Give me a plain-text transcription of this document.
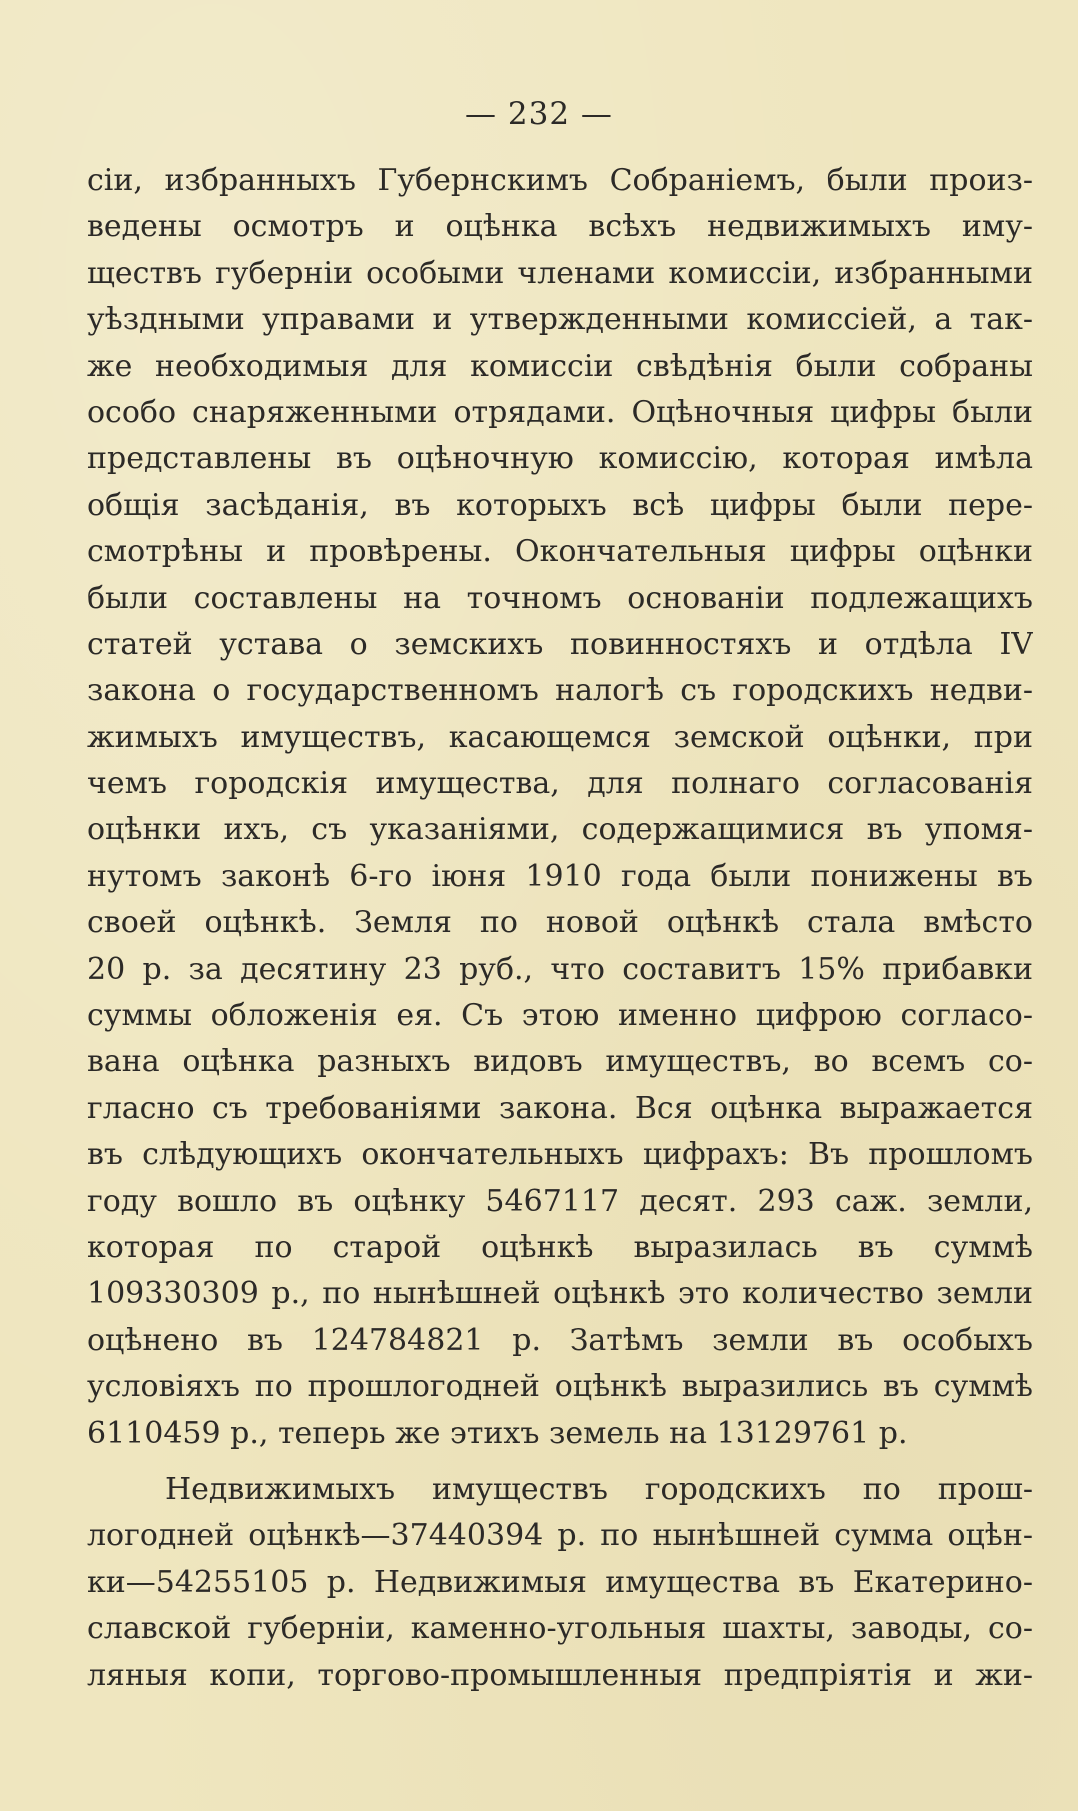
— 232 —
сіи, избранныхъ Губернскимъ Собраніемъ, были произ-
ведены осмотръ и оцѣнка всѣхъ недвижимыхъ иму-
ществъ губерніи особыми членами комиссіи, избранными
уѣздными управами и утвержденными комиссіей, а так-
же необходимыя для комиссіи свѣдѣнія были собраны
особо снаряженными отрядами. Оцѣночныя цифры были
представлены въ оцѣночную комиссію, которая имѣла
общія засѣданія, въ которыхъ всѣ цифры были пере-
смотрѣны и провѣрены. Окончательныя цифры оцѣнки
были составлены на точномъ основаніи подлежащихъ
статей устава о земскихъ повинностяхъ и отдѣла IV
закона о государственномъ налогѣ съ городскихъ недви-
жимыхъ имуществъ, касающемся земской оцѣнки, при
чемъ городскія имущества, для полнаго согласованія
оцѣнки ихъ, съ указаніями, содержащимися въ упомя-
нутомъ законѣ 6-го іюня 1910 года были понижены въ
своей оцѣнкѣ. Земля по новой оцѣнкѣ стала вмѣсто
20 р. за десятину 23 руб., что составитъ 15% прибавки
суммы обложенія ея. Съ этою именно цифрою согласо-
вана оцѣнка разныхъ видовъ имуществъ, во всемъ со-
гласно съ требованіями закона. Вся оцѣнка выражается
въ слѣдующихъ окончательныхъ цифрахъ: Въ прошломъ
году вошло въ оцѣнку 5467117 десят. 293 саж. земли,
которая по старой оцѣнкѣ выразилась въ суммѣ
109330309 р., по нынѣшней оцѣнкѣ это количество земли
оцѣнено въ 124784821 р. Затѣмъ земли въ особыхъ
условіяхъ по прошлогодней оцѣнкѣ выразились въ суммѣ
6110459 р., теперь же этихъ земель на 13129761 р.
Недвижимыхъ имуществъ городскихъ по прош-
логодней оцѣнкѣ—37440394 р. по нынѣшней сумма оцѣн-
ки—54255105 р. Недвижимыя имущества въ Екатерино-
славской губерніи, каменно-угольныя шахты, заводы, со-
ляныя копи, торгово-промышленныя предпріятія и жи-
